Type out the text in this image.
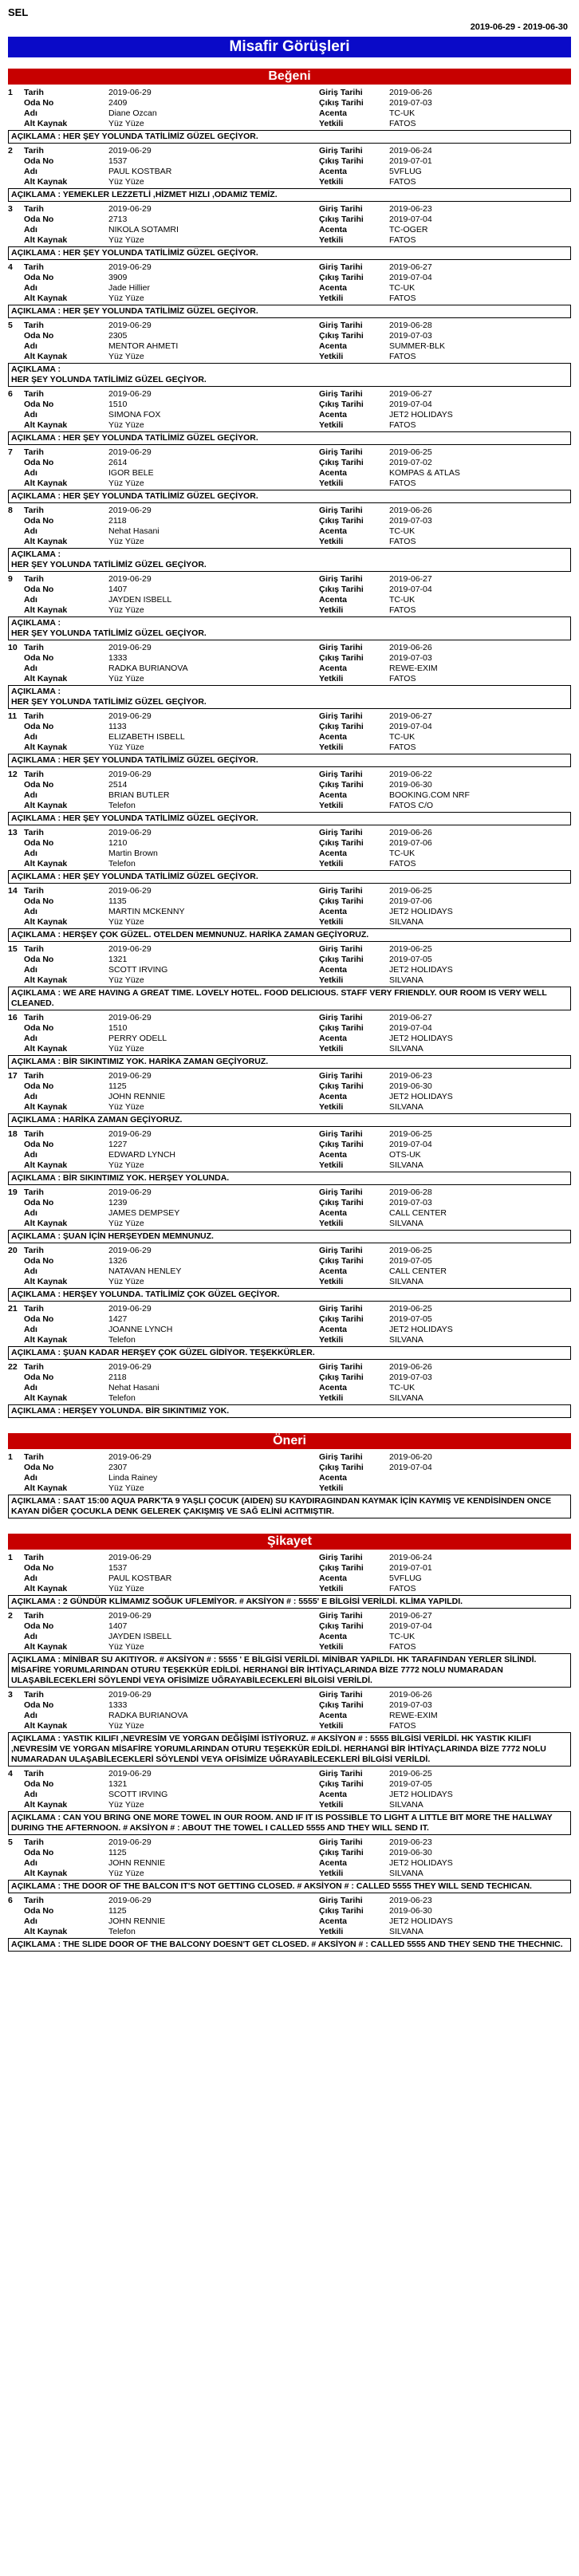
SEL
2019-06-29 - 2019-06-30
Misafir Görüşleri
Beğeni
1 Tarih	2019-06-29	Giriş Tarihi	2019-06-26
Oda No	2409	Çıkış Tarihi	2019-07-03
Adı	Diane Ozcan	Acenta	TC-UK
Alt Kaynak	Yüz Yüze	Yetkili	FATOS
AÇIKLAMA : HER ŞEY YOLUNDA TATİLİMİZ GÜZEL GEÇİYOR.
2 Tarih	2019-06-29	Giriş Tarihi	2019-06-24
Oda No	1537	Çıkış Tarihi	2019-07-01
Adı	PAUL KOSTBAR	Acenta	5VFLUG
Alt Kaynak	Yüz Yüze	Yetkili	FATOS
AÇIKLAMA : YEMEKLER LEZZETLİ ,HİZMET HIZLI ,ODAMIZ TEMİZ.
3 Tarih	2019-06-29	Giriş Tarihi	2019-06-23
Oda No	2713	Çıkış Tarihi	2019-07-04
Adı	NIKOLA SOTAMRI	Acenta	TC-OGER
Alt Kaynak	Yüz Yüze	Yetkili	FATOS
AÇIKLAMA : HER ŞEY YOLUNDA TATİLİMİZ GÜZEL GEÇİYOR.
4 Tarih	2019-06-29	Giriş Tarihi	2019-06-27
Oda No	3909	Çıkış Tarihi	2019-07-04
Adı	Jade Hillier	Acenta	TC-UK
Alt Kaynak	Yüz Yüze	Yetkili	FATOS
AÇIKLAMA : HER ŞEY YOLUNDA TATİLİMİZ GÜZEL GEÇİYOR.
5 Tarih	2019-06-29	Giriş Tarihi	2019-06-28
Oda No	2305	Çıkış Tarihi	2019-07-03
Adı	MENTOR AHMETI	Acenta	SUMMER-BLK
Alt Kaynak	Yüz Yüze	Yetkili	FATOS
AÇIKLAMA :
HER ŞEY YOLUNDA TATİLİMİZ GÜZEL GEÇİYOR.
6 Tarih	2019-06-29	Giriş Tarihi	2019-06-27
Oda No	1510	Çıkış Tarihi	2019-07-04
Adı	SIMONA FOX	Acenta	JET2 HOLIDAYS
Alt Kaynak	Yüz Yüze	Yetkili	FATOS
AÇIKLAMA : HER ŞEY YOLUNDA TATİLİMİZ GÜZEL GEÇİYOR.
7 Tarih	2019-06-29	Giriş Tarihi	2019-06-25
Oda No	2614	Çıkış Tarihi	2019-07-02
Adı	IGOR BELE	Acenta	KOMPAS & ATLAS
Alt Kaynak	Yüz Yüze	Yetkili	FATOS
AÇIKLAMA : HER ŞEY YOLUNDA TATİLİMİZ GÜZEL GEÇİYOR.
8 Tarih	2019-06-29	Giriş Tarihi	2019-06-26
Oda No	2118	Çıkış Tarihi	2019-07-03
Adı	Nehat Hasani	Acenta	TC-UK
Alt Kaynak	Yüz Yüze	Yetkili	FATOS
AÇIKLAMA :
HER ŞEY YOLUNDA TATİLİMİZ GÜZEL GEÇİYOR.
9 Tarih	2019-06-29	Giriş Tarihi	2019-06-27
Oda No	1407	Çıkış Tarihi	2019-07-04
Adı	JAYDEN ISBELL	Acenta	TC-UK
Alt Kaynak	Yüz Yüze	Yetkili	FATOS
AÇIKLAMA :
HER ŞEY YOLUNDA TATİLİMİZ GÜZEL GEÇİYOR.
10 Tarih	2019-06-29	Giriş Tarihi	2019-06-26
Oda No	1333	Çıkış Tarihi	2019-07-03
Adı	RADKA BURIANOVA	Acenta	REWE-EXIM
Alt Kaynak	Yüz Yüze	Yetkili	FATOS
AÇIKLAMA :
HER ŞEY YOLUNDA TATİLİMİZ GÜZEL GEÇİYOR.
11 Tarih	2019-06-29	Giriş Tarihi	2019-06-27
Oda No	1133	Çıkış Tarihi	2019-07-04
Adı	ELIZABETH ISBELL	Acenta	TC-UK
Alt Kaynak	Yüz Yüze	Yetkili	FATOS
AÇIKLAMA : HER ŞEY YOLUNDA TATİLİMİZ GÜZEL GEÇİYOR.
12 Tarih	2019-06-29	Giriş Tarihi	2019-06-22
Oda No	2514	Çıkış Tarihi	2019-06-30
Adı	BRIAN BUTLER	Acenta	BOOKING.COM NRF
Alt Kaynak	Telefon	Yetkili	FATOS C/O
AÇIKLAMA : HER ŞEY YOLUNDA TATİLİMİZ GÜZEL GEÇİYOR.
13 Tarih	2019-06-29	Giriş Tarihi	2019-06-26
Oda No	1210	Çıkış Tarihi	2019-07-06
Adı	Martin Brown	Acenta	TC-UK
Alt Kaynak	Telefon	Yetkili	FATOS
AÇIKLAMA : HER ŞEY YOLUNDA TATİLİMİZ GÜZEL GEÇİYOR.
14 Tarih	2019-06-29	Giriş Tarihi	2019-06-25
Oda No	1135	Çıkış Tarihi	2019-07-06
Adı	MARTIN MCKENNY	Acenta	JET2 HOLIDAYS
Alt Kaynak	Yüz Yüze	Yetkili	SILVANA
AÇIKLAMA : HERŞEY ÇOK GÜZEL. OTELDEN MEMNUNUZ. HARİKA ZAMAN GEÇİYORUZ.
15 Tarih	2019-06-29	Giriş Tarihi	2019-06-25
Oda No	1321	Çıkış Tarihi	2019-07-05
Adı	SCOTT IRVING	Acenta	JET2 HOLIDAYS
Alt Kaynak	Yüz Yüze	Yetkili	SILVANA
AÇIKLAMA : WE ARE HAVING A GREAT TIME. LOVELY HOTEL. FOOD DELICIOUS. STAFF VERY FRIENDLY. OUR ROOM IS VERY WELL CLEANED.
16 Tarih	2019-06-29	Giriş Tarihi	2019-06-27
Oda No	1510	Çıkış Tarihi	2019-07-04
Adı	PERRY ODELL	Acenta	JET2 HOLIDAYS
Alt Kaynak	Yüz Yüze	Yetkili	SILVANA
AÇIKLAMA : BİR SIKINTIMIZ YOK. HARİKA ZAMAN GEÇİYORUZ.
17 Tarih	2019-06-29	Giriş Tarihi	2019-06-23
Oda No	1125	Çıkış Tarihi	2019-06-30
Adı	JOHN RENNIE	Acenta	JET2 HOLIDAYS
Alt Kaynak	Yüz Yüze	Yetkili	SILVANA
AÇIKLAMA : HARİKA ZAMAN GEÇİYORUZ.
18 Tarih	2019-06-29	Giriş Tarihi	2019-06-25
Oda No	1227	Çıkış Tarihi	2019-07-04
Adı	EDWARD LYNCH	Acenta	OTS-UK
Alt Kaynak	Yüz Yüze	Yetkili	SILVANA
AÇIKLAMA : BİR SIKINTIMIZ YOK. HERŞEY YOLUNDA.
19 Tarih	2019-06-29	Giriş Tarihi	2019-06-28
Oda No	1239	Çıkış Tarihi	2019-07-03
Adı	JAMES DEMPSEY	Acenta	CALL CENTER
Alt Kaynak	Yüz Yüze	Yetkili	SILVANA
AÇIKLAMA : ŞUAN İÇİN HERŞEYDEN MEMNUNUZ.
20 Tarih	2019-06-29	Giriş Tarihi	2019-06-25
Oda No	1326	Çıkış Tarihi	2019-07-05
Adı	NATAVAN HENLEY	Acenta	CALL CENTER
Alt Kaynak	Yüz Yüze	Yetkili	SILVANA
AÇIKLAMA : HERŞEY YOLUNDA. TATİLİMİZ ÇOK GÜZEL GEÇİYOR.
21 Tarih	2019-06-29	Giriş Tarihi	2019-06-25
Oda No	1427	Çıkış Tarihi	2019-07-05
Adı	JOANNE LYNCH	Acenta	JET2 HOLIDAYS
Alt Kaynak	Telefon	Yetkili	SILVANA
AÇIKLAMA : ŞUAN KADAR HERŞEY ÇOK GÜZEL GİDİYOR. TEŞEKKÜRLER.
22 Tarih	2019-06-29	Giriş Tarihi	2019-06-26
Oda No	2118	Çıkış Tarihi	2019-07-03
Adı	Nehat Hasani	Acenta	TC-UK
Alt Kaynak	Telefon	Yetkili	SILVANA
AÇIKLAMA : HERŞEY YOLUNDA. BİR SIKINTIMIZ YOK.
Öneri
1 Tarih	2019-06-29	Giriş Tarihi	2019-06-20
Oda No	2307	Çıkış Tarihi	2019-07-04
Adı	Linda Rainey	Acenta
Alt Kaynak	Yüz Yüze	Yetkili
AÇIKLAMA : SAAT 15:00 AQUA PARK'TA 9 YAŞLI ÇOCUK (AIDEN) SU KAYDIRAGINDAN KAYMAK İÇİN KAYMIŞ VE KENDİSİNDEN ONCE KAYAN DİĞER ÇOCUKLA DENK GELEREK ÇAKIŞMIŞ VE SAĞ ELİNİ ACITMIŞTIR.
Şikayet
1 Tarih	2019-06-29	Giriş Tarihi	2019-06-24
Oda No	1537	Çıkış Tarihi	2019-07-01
Adı	PAUL KOSTBAR	Acenta	5VFLUG
Alt Kaynak	Yüz Yüze	Yetkili	FATOS
AÇIKLAMA : 2 GÜNDÜR KLİMAMIZ SOĞUK UFLEMİYOR. # AKSİYON # : 5555' E BİLGİSİ VERİLDİ. KLİMA YAPILDI.
2 Tarih	2019-06-29	Giriş Tarihi	2019-06-27
Oda No	1407	Çıkış Tarihi	2019-07-04
Adı	JAYDEN ISBELL	Acenta	TC-UK
Alt Kaynak	Yüz Yüze	Yetkili	FATOS
AÇIKLAMA : MİNİBAR SU AKITIYOR. # AKSİYON # : 5555 ' E BİLGİSİ VERİLDİ. MİNİBAR YAPILDI. HK TARAFINDAN YERLER SİLİNDİ. MİSAFİRE YORUMLARINDAN OTURU TEŞEKKÜR EDİLDİ. HERHANGİ BİR İHTİYAÇLARINDA BİZE 7772 NOLU NUMARADAN ULAŞABİLECEKLERİ SÖYLENDİ VEYA OFİSİMİZE UĞRAYABİLECEKLERİ BİLGİSİ VERİLDİ.
3 Tarih	2019-06-29	Giriş Tarihi	2019-06-26
Oda No	1333	Çıkış Tarihi	2019-07-03
Adı	RADKA BURIANOVA	Acenta	REWE-EXIM
Alt Kaynak	Yüz Yüze	Yetkili	FATOS
AÇIKLAMA : YASTIK KILIFI ,NEVRESİM VE YORGAN DEĞİŞİMİ İSTİYORUZ. # AKSİYON # : 5555 BİLGİSİ VERİLDİ. HK YASTIK KILIFI ,NEVRESİM VE YORGAN MİSAFİRE YORUMLARINDAN OTURU TEŞEKKÜR EDİLDİ. HERHANGİ BİR İHTİYAÇLARINDA BİZE 7772 NOLU NUMARADAN ULAŞABİLECEKLERİ SÖYLENDİ VEYA OFİSİMİZE UĞRAYABİLECEKLERİ BİLGİSİ VERİLDİ.
4 Tarih	2019-06-29	Giriş Tarihi	2019-06-25
Oda No	1321	Çıkış Tarihi	2019-07-05
Adı	SCOTT IRVING	Acenta	JET2 HOLIDAYS
Alt Kaynak	Yüz Yüze	Yetkili	SILVANA
AÇIKLAMA : CAN YOU BRING ONE MORE TOWEL IN OUR ROOM. AND IF IT IS POSSIBLE TO LIGHT A LITTLE BIT MORE THE HALLWAY DURING THE AFTERNOON. # AKSİYON # : ABOUT THE TOWEL I CALLED 5555 AND THEY WILL SEND IT.
5 Tarih	2019-06-29	Giriş Tarihi	2019-06-23
Oda No	1125	Çıkış Tarihi	2019-06-30
Adı	JOHN RENNIE	Acenta	JET2 HOLIDAYS
Alt Kaynak	Yüz Yüze	Yetkili	SILVANA
AÇIKLAMA : THE DOOR OF THE BALCON IT'S NOT GETTING CLOSED. # AKSİYON # : CALLED 5555 THEY WILL SEND TECHICAN.
6 Tarih	2019-06-29	Giriş Tarihi	2019-06-23
Oda No	1125	Çıkış Tarihi	2019-06-30
Adı	JOHN RENNIE	Acenta	JET2 HOLIDAYS
Alt Kaynak	Telefon	Yetkili	SILVANA
AÇIKLAMA : THE SLIDE DOOR OF THE BALCONY DOESN'T GET CLOSED. # AKSİYON # : CALLED 5555 AND THEY SEND THE THECHNIC.
